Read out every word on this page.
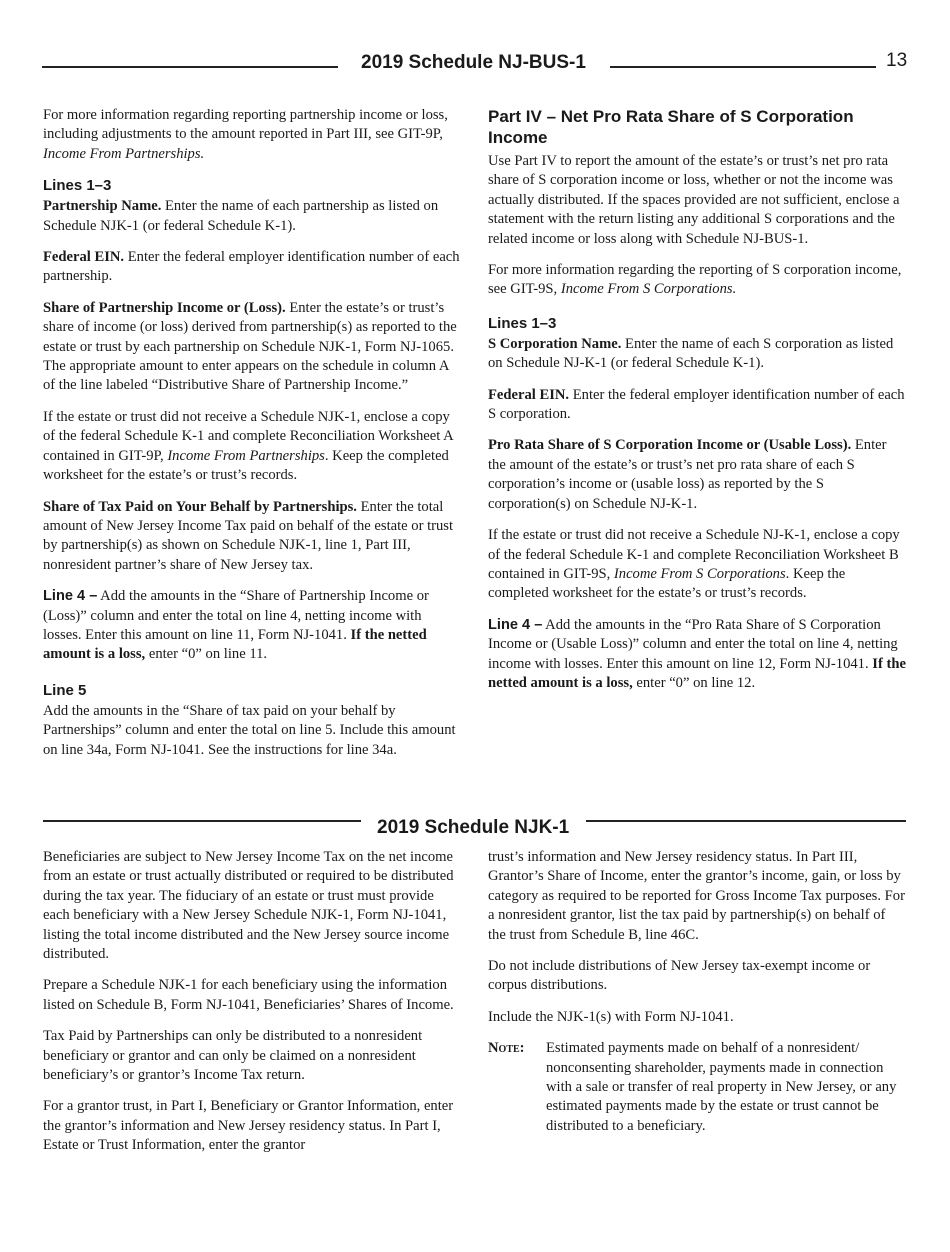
2019 Schedule NJ-BUS-1	13

For more information regarding reporting partnership income or loss, including adjustments to the amount reported in Part III, see GIT-9P, Income From Partnerships.

Lines 1–3

Partnership Name. Enter the name of each partnership as listed on Schedule NJK-1 (or federal Schedule K-1).

Federal EIN. Enter the federal employer identification number of each partnership.

Share of Partnership Income or (Loss). Enter the estate’s or trust’s share of income (or loss) derived from partnership(s) as reported to the estate or trust by each partnership on Schedule NJK-1, Form NJ-1065. The appropriate amount to enter appears on the schedule in column A of the line labeled “Distributive Share of Partnership Income.”

If the estate or trust did not receive a Schedule NJK-1, enclose a copy of the federal Schedule K-1 and complete Reconciliation Worksheet A contained in GIT-9P, Income From Partnerships. Keep the completed worksheet for the estate’s or trust’s records.

Share of Tax Paid on Your Behalf by Partnerships. Enter the total amount of New Jersey Income Tax paid on behalf of the estate or trust by partnership(s) as shown on Schedule NJK-1, line 1, Part III, nonresident partner’s share of New Jersey tax.

Line 4 – Add the amounts in the “Share of Partnership Income or (Loss)” column and enter the total on line 4, netting income with losses. Enter this amount on line 11, Form NJ-1041. If the netted amount is a loss, enter “0” on line 11.

Line 5

Add the amounts in the “Share of tax paid on your behalf by Partnerships” column and enter the total on line 5. Include this amount on line 34a, Form NJ-1041. See the instructions for line 34a.

Part IV – Net Pro Rata Share of S Corporation Income

Use Part IV to report the amount of the estate’s or trust’s net pro rata share of S corporation income or loss, whether or not the income was actually distributed. If the spaces provided are not sufficient, enclose a statement with the return listing any additional S corporations and the related income or loss along with Schedule NJ-BUS-1.

For more information regarding the reporting of S corporation income, see GIT-9S, Income From S Corporations.

Lines 1–3

S Corporation Name. Enter the name of each S corporation as listed on Schedule NJ-K-1 (or federal Schedule K-1).

Federal EIN. Enter the federal employer identification number of each S corporation.

Pro Rata Share of S Corporation Income or (Usable Loss). Enter the amount of the estate’s or trust’s net pro rata share of each S corporation’s income or (usable loss) as reported by the S corporation(s) on Schedule NJ-K-1.

If the estate or trust did not receive a Schedule NJ-K-1, enclose a copy of the federal Schedule K-1 and complete Reconciliation Worksheet B contained in GIT-9S, Income From S Corporations. Keep the completed worksheet for the estate’s or trust’s records.

Line 4 – Add the amounts in the “Pro Rata Share of S Corporation Income or (Usable Loss)” column and enter the total on line 4, netting income with losses. Enter this amount on line 12, Form NJ-1041. If the netted amount is a loss, enter “0” on line 12.

2019 Schedule NJK-1

Beneficiaries are subject to New Jersey Income Tax on the net income from an estate or trust actually distributed or required to be distributed during the tax year. The fiduciary of an estate or trust must provide each beneficiary with a New Jersey Schedule NJK-1, Form NJ-1041, listing the total income distributed and the New Jersey source income distributed.

Prepare a Schedule NJK-1 for each beneficiary using the information listed on Schedule B, Form NJ-1041, Beneficiaries’ Shares of Income.

Tax Paid by Partnerships can only be distributed to a nonresident beneficiary or grantor and can only be claimed on a nonresident beneficiary’s or grantor’s Income Tax return.

For a grantor trust, in Part I, Beneficiary or Grantor Information, enter the grantor’s information and New Jersey residency status. In Part I, Estate or Trust Information, enter the grantor

trust’s information and New Jersey residency status. In Part III, Grantor’s Share of Income, enter the grantor’s income, gain, or loss by category as required to be reported for Gross Income Tax purposes. For a nonresident grantor, list the tax paid by partnership(s) on behalf of the trust from Schedule B, line 46C.

Do not include distributions of New Jersey tax-exempt income or corpus distributions.

Include the NJK-1(s) with Form NJ-1041.

Note:	Estimated payments made on behalf of a nonresident/ nonconsenting shareholder, payments made in connection with a sale or transfer of real property in New Jersey, or any estimated payments made by the estate or trust cannot be distributed to a beneficiary.
